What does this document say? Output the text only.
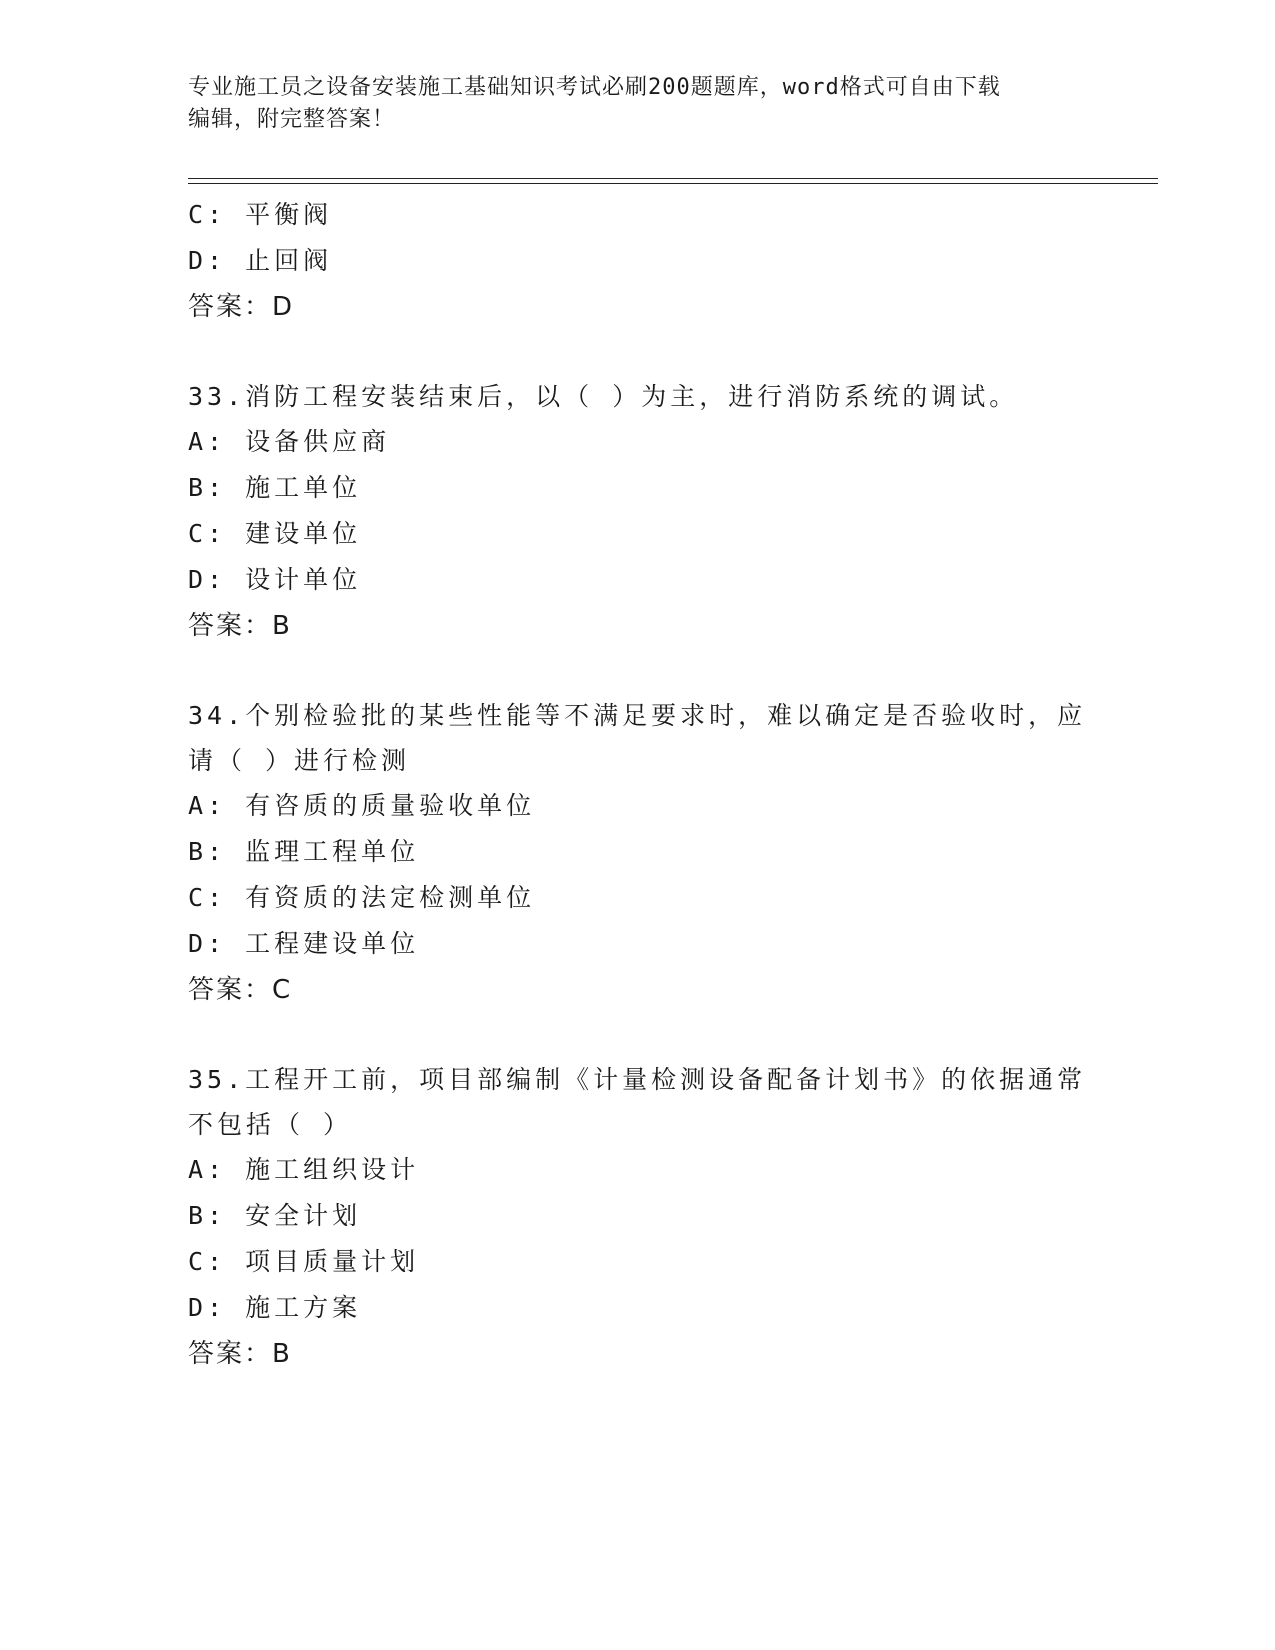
专业施工员之设备安装施工基础知识考试必刷200题题库，word格式可自由下载
编辑，附完整答案！
C: 平衡阀
D: 止回阀
答案：D
33.消防工程安装结束后，以（ ）为主，进行消防系统的调试。
A: 设备供应商
B: 施工单位
C: 建设单位
D: 设计单位
答案：B
34.个别检验批的某些性能等不满足要求时，难以确定是否验收时，应
请（ ）进行检测
A: 有咨质的质量验收单位
B: 监理工程单位
C: 有资质的法定检测单位
D: 工程建设单位
答案：C
35.工程开工前，项目部编制《计量检测设备配备计划书》的依据通常
不包括（ ）
A: 施工组织设计
B: 安全计划
C: 项目质量计划
D: 施工方案
答案：B
